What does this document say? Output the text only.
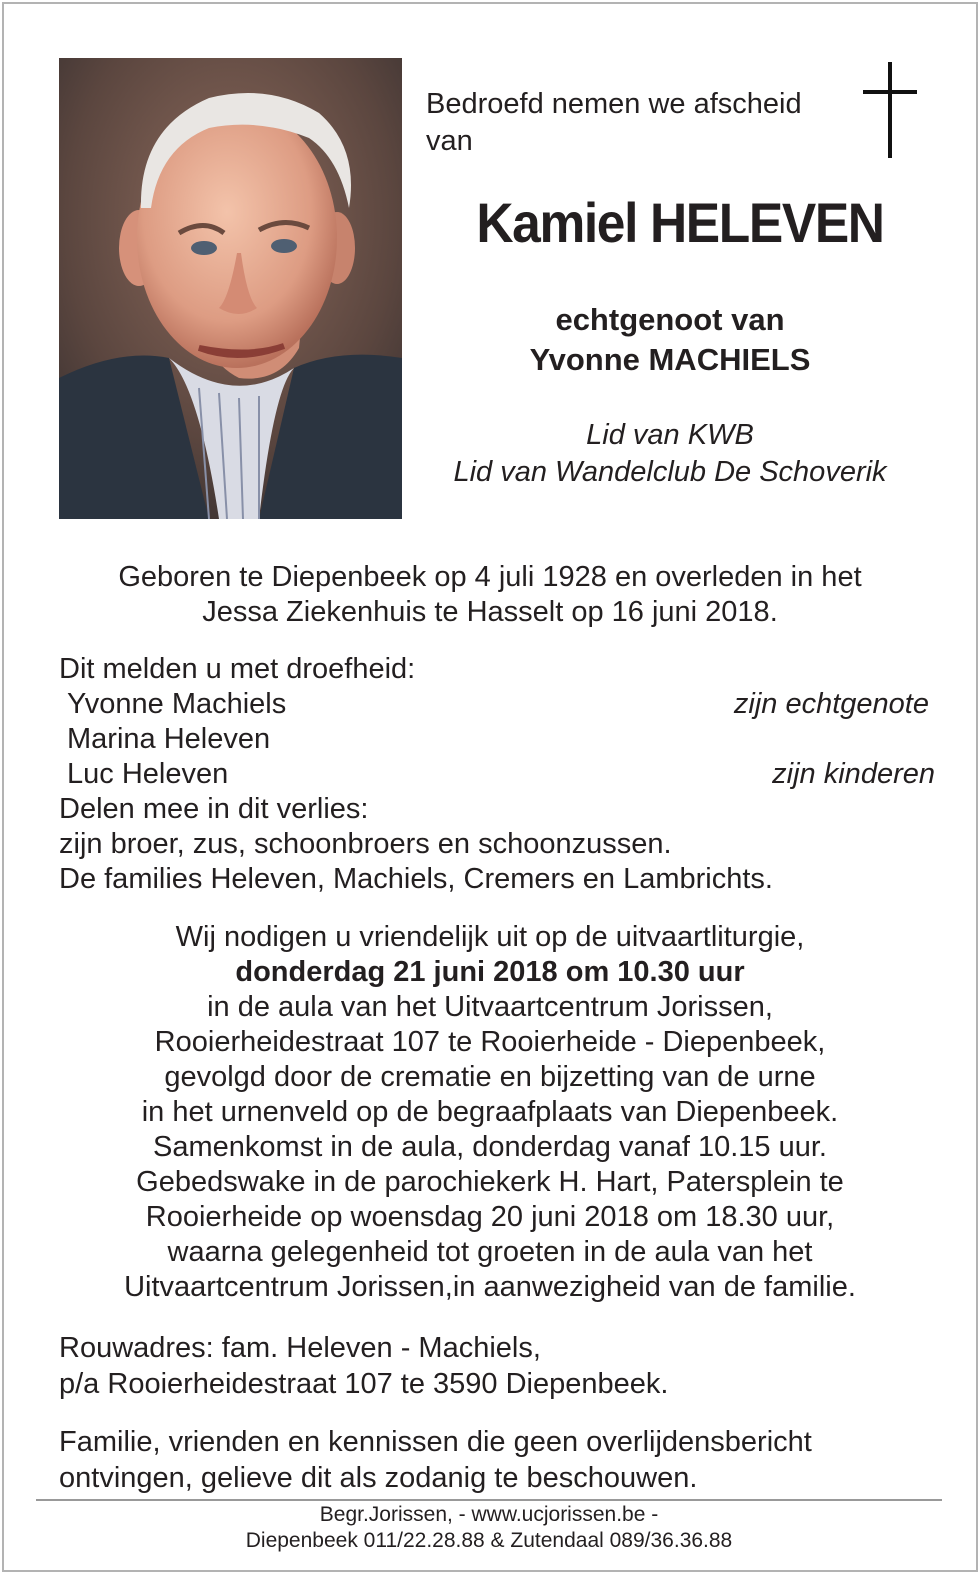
Bedroefd nemen we afscheid van
Kamiel HELEVEN
echtgenoot van
Yvonne MACHIELS
Lid van KWB
Lid van Wandelclub De Schoverik
Geboren te Diepenbeek op 4 juli 1928 en overleden in het
Jessa Ziekenhuis te Hasselt op 16 juni 2018.
Dit melden u met droefheid:
Yvonne Machiels	zijn echtgenote
Marina Heleven
Luc Heleven	zijn kinderen
Delen mee in dit verlies:
zijn broer, zus, schoonbroers en schoonzussen.
De families Heleven, Machiels, Cremers en Lambrichts.
Wij nodigen u vriendelijk uit op de uitvaartliturgie,
donderdag 21 juni 2018 om 10.30 uur
in de aula van het Uitvaartcentrum Jorissen,
Rooierheidestraat 107 te Rooierheide - Diepenbeek,
gevolgd door de crematie en bijzetting van de urne
in het urnenveld op de begraafplaats van Diepenbeek.
Samenkomst in de aula, donderdag vanaf 10.15 uur.
Gebedswake in de parochiekerk H. Hart, Patersplein te
Rooierheide op woensdag 20 juni 2018 om 18.30 uur,
waarna gelegenheid tot groeten in de aula van het
Uitvaartcentrum Jorissen,in aanwezigheid van de familie.
Rouwadres: fam. Heleven - Machiels,
p/a Rooierheidestraat 107 te 3590 Diepenbeek.
Familie, vrienden en kennissen die geen overlijdensbericht
ontvingen, gelieve dit als zodanig te beschouwen.
Begr.Jorissen, - www.ucjorissen.be -
Diepenbeek 011/22.28.88 & Zutendaal 089/36.36.88
